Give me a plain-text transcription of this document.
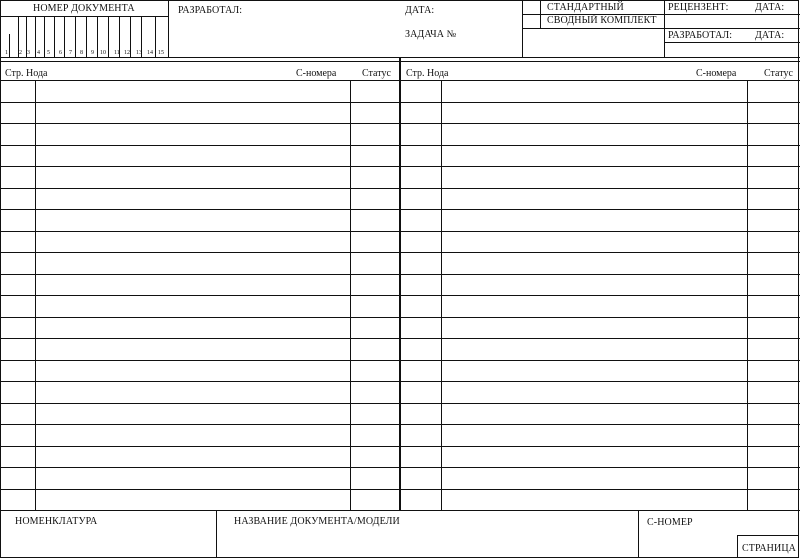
НОМЕР ДОКУМЕНТА
1 2 3 4 5 6 7 8 9 10 11 12 13 14 15
РАЗРАБОТАЛ:	ДАТА:
ЗАДАЧА №
СТАНДАРТНЫЙ
СВОДНЫЙ КОМПЛЕКТ
РЕЦЕНЗЕНТ:	ДАТА:
РАЗРАБОТАЛ: ДАТА:
Стр. Нода	С-номера	Статус Стр. Нода	С-номера	Статус
НОМЕНКЛАТУРА	НАЗВАНИЕ ДОКУМЕНТА/МОДЕЛИ	С-НОМЕР
СТРАНИЦА
